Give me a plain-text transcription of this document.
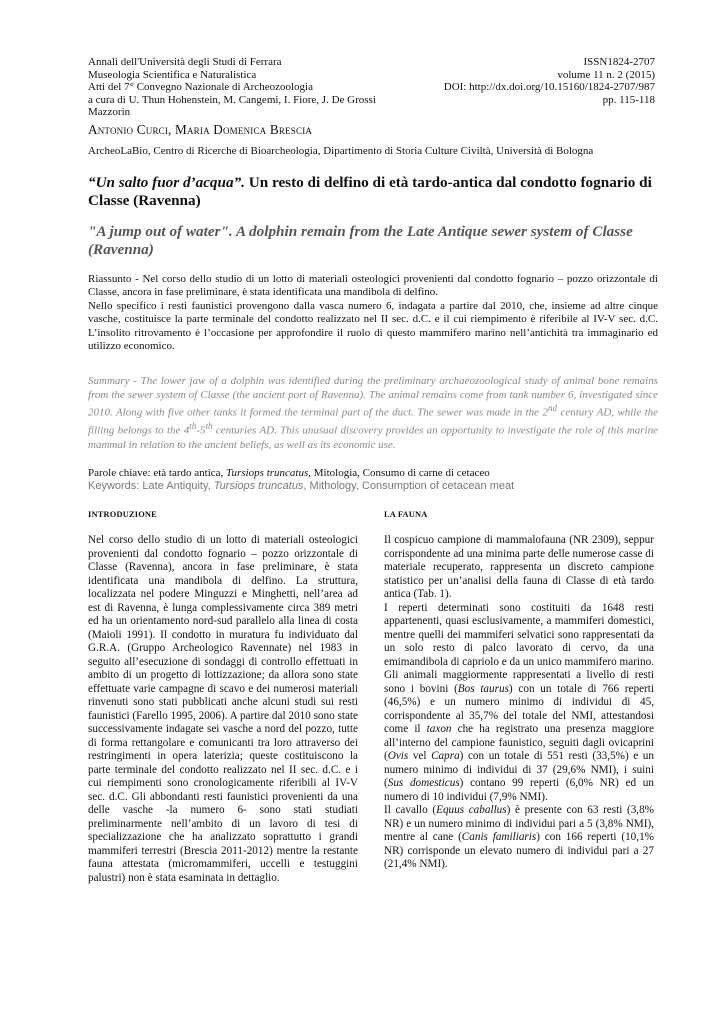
Annali dell'Università degli Studi di Ferrara
Museologia Scientifica e Naturalistica
Atti del 7° Convegno Nazionale di Archeozoologia
a cura di U. Thun Hohenstein, M. Cangemi, I. Fiore, J. De Grossi Mazzorin
ISSN1824-2707
volume 11 n. 2 (2015)
DOI: http://dx.doi.org/10.15160/1824-2707/987
pp. 115-118
Antonio Curci, Maria Domenica Brescia
ArcheoLaBio, Centro di Ricerche di Bioarcheologia, Dipartimento di Storia Culture Civiltà, Università di Bologna
“Un salto fuor d’acqua”. Un resto di delfino di età tardo-antica dal condotto fognario di Classe (Ravenna)
"A jump out of water". A dolphin remain from the Late Antique sewer system of Classe (Ravenna)

Riassunto - Nel corso dello studio di un lotto di materiali osteologici provenienti dal condotto fognario – pozzo orizzontale di Classe, ancora in fase preliminare, è stata identificata una mandibola di delfino.

Nello specifico i resti faunistici provengono dalla vasca numero 6, indagata a partire dal 2010, che, insieme ad altre cinque vasche, costituisce la parte terminale del condotto realizzato nel II sec. d.C. e il cui riempimento è riferibile al IV-V sec. d.C. L’insolito ritrovamento è l’occasione per approfondire il ruolo di questo mammifero marino nell’antichità tra immaginario ed utilizzo economico.

Summary - The lower jaw of a dolphin was identified during the preliminary archaeozoological study of animal bone remains from the sewer system of Classe (the ancient port of Ravenna). The animal remains come from tank number 6, investigated since 2010. Along with five other tanks it formed the terminal part of the duct. The sewer was made in the 2nd century AD, while the filling belongs to the 4th-5th centuries AD. This unusual discovery provides an opportunity to investigate the role of this marine mammal in relation to the ancient beliefs, as well as its economic use.
Parole chiave: età tardo antica, Tursiops truncatus, Mitologia, Consumo di carne di cetaceo
Keywords: Late Antiquity, Tursiops truncatus, Mithology, Consumption of cetacean meat
INTRODUZIONE	LA FAUNA

Nel corso dello studio di un lotto di materiali osteologici provenienti dal condotto fognario – pozzo orizzontale di Classe (Ravenna), ancora in fase preliminare, è stata identificata una mandibola di delfino. La struttura, localizzata nel podere Minguzzi e Minghetti, nell’area ad est di Ravenna, è lunga complessivamente circa 389 metri ed ha un orientamento nord-sud parallelo alla linea di costa (Maioli 1991). Il condotto in muratura fu individuato dal G.R.A. (Gruppo Archeologico Ravennate) nel 1983 in seguito all’esecuzione di sondaggi di controllo effettuati in ambito di un progetto di lottizzazione; da allora sono state effettuate varie campagne di scavo e dei numerosi materiali rinvenuti sono stati pubblicati anche alcuni studi sui resti faunistici (Farello 1995, 2006). A partire dal 2010 sono state successivamente indagate sei vasche a nord del pozzo, tutte di forma rettangolare e comunicanti tra loro attraverso dei restringimenti in opera laterizia; queste costituiscono la parte terminale del condotto realizzato nel II sec. d.C. e i cui riempimenti sono cronologicamente riferibili al IV-V sec. d.C. Gli abbondanti resti faunistici provenienti da una delle vasche -la numero 6- sono stati studiati preliminarmente nell’ambito di un lavoro di tesi di specializzazione che ha analizzato soprattutto i grandi mammiferi terrestri (Brescia 2011-2012) mentre la restante fauna attestata (micromammiferi, uccelli e testuggini palustri) non è stata esaminata in dettaglio.

Il cospicuo campione di mammalofauna (NR 2309), seppur corrispondente ad una minima parte delle numerose casse di materiale recuperato, rappresenta un discreto campione statistico per un’analisi della fauna di Classe di età tardo antica (Tab. 1).

I reperti determinati sono costituiti da 1648 resti appartenenti, quasi esclusivamente, a mammiferi domestici, mentre quelli dei mammiferi selvatici sono rappresentati da un solo resto di palco lavorato di cervo, da una emimandibola di capriolo e da un unico mammifero marino.

Gli animali maggiormente rappresentati a livello di resti sono i bovini (Bos taurus) con un totale di 766 reperti (46,5%) e un numero minimo di individui di 45, corrispondente al 35,7% del totale del NMI, attestandosi come il taxon che ha registrato una presenza maggiore all’interno del campione faunistico, seguiti dagli ovicaprini (Ovis vel Capra) con un totale di 551 resti (33,5%) e un numero minimo di individui di 37 (29,6% NMI), i suini (Sus domesticus) contano 99 reperti (6,0% NR) ed un numero di 10 individui (7,9% NMI).

Il cavallo (Equus caballus) è presente con 63 resti (3,8% NR) e un numero minimo di individui pari a 5 (3,8% NMI), mentre al cane (Canis familiaris) con 166 reperti (10,1% NR) corrisponde un elevato numero di individui pari a 27 (21,4% NMI).
